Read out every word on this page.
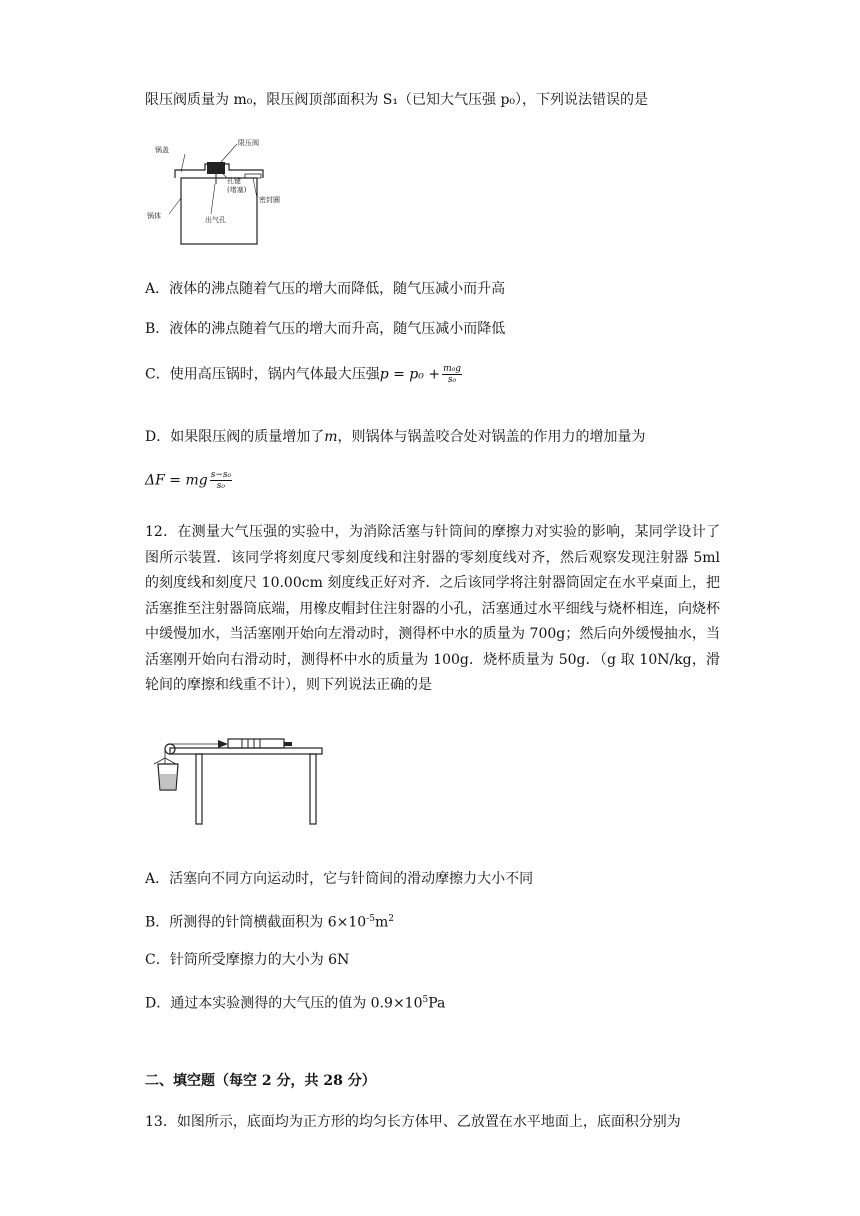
限压阀质量为 m₀，限压阀顶部面积为 S₁（已知大气压强 p₀），下列说法错误的是
锅盖
限压阀
孔键
(堵塞)
密封圈
锅体	出气孔
A．液体的沸点随着气压的增大而降低，随气压减小而升高
B．液体的沸点随着气压的增大而升高，随气压减小而降低
C．使用高压锅时，锅内气体最大压强$p = p_0 + \frac{\text{m₀g}}{\text{s₀}}$
D．如果限压阀的质量增加了m，则锅体与锅盖咬合处对锅盖的作用力的增加量为
ΔF = mg $\frac{\text{s−s₀}}{\text{s₀}}$
12．在测量大气压强的实验中，为消除活塞与针筒间的摩擦力对实验的影响，某同学设计了图所示装置．该同学将刻度尺零刻度线和注射器的零刻度线对齐，然后观察发现注射器 5ml 的刻度线和刻度尺 10.00cm 刻度线正好对齐．之后该同学将注射器筒固定在水平桌面上，把活塞推至注射器筒底端，用橡皮帽封住注射器的小孔，活塞通过水平细线与烧杯相连，向烧杯中缓慢加水，当活塞刚开始向左滑动时，测得杯中水的质量为 700g；然后向外缓慢抽水，当活塞刚开始向右滑动时，测得杯中水的质量为 100g．烧杯质量为 50g．（g 取 10N/kg，滑轮间的摩擦和线重不计），则下列说法正确的是
A．活塞向不同方向运动时，它与针筒间的滑动摩擦力大小不同
B．所测得的针筒横截面积为 $6\times 10^{-5}m^2$
C．针筒所受摩擦力的大小为 6N
D．通过本实验测得的大气压的值为 $0.9\times 10^5Pa$
二、填空题（每空 2 分，共 28 分）
13．如图所示，底面均为正方形的均匀长方体甲、乙放置在水平地面上，底面积分别为
